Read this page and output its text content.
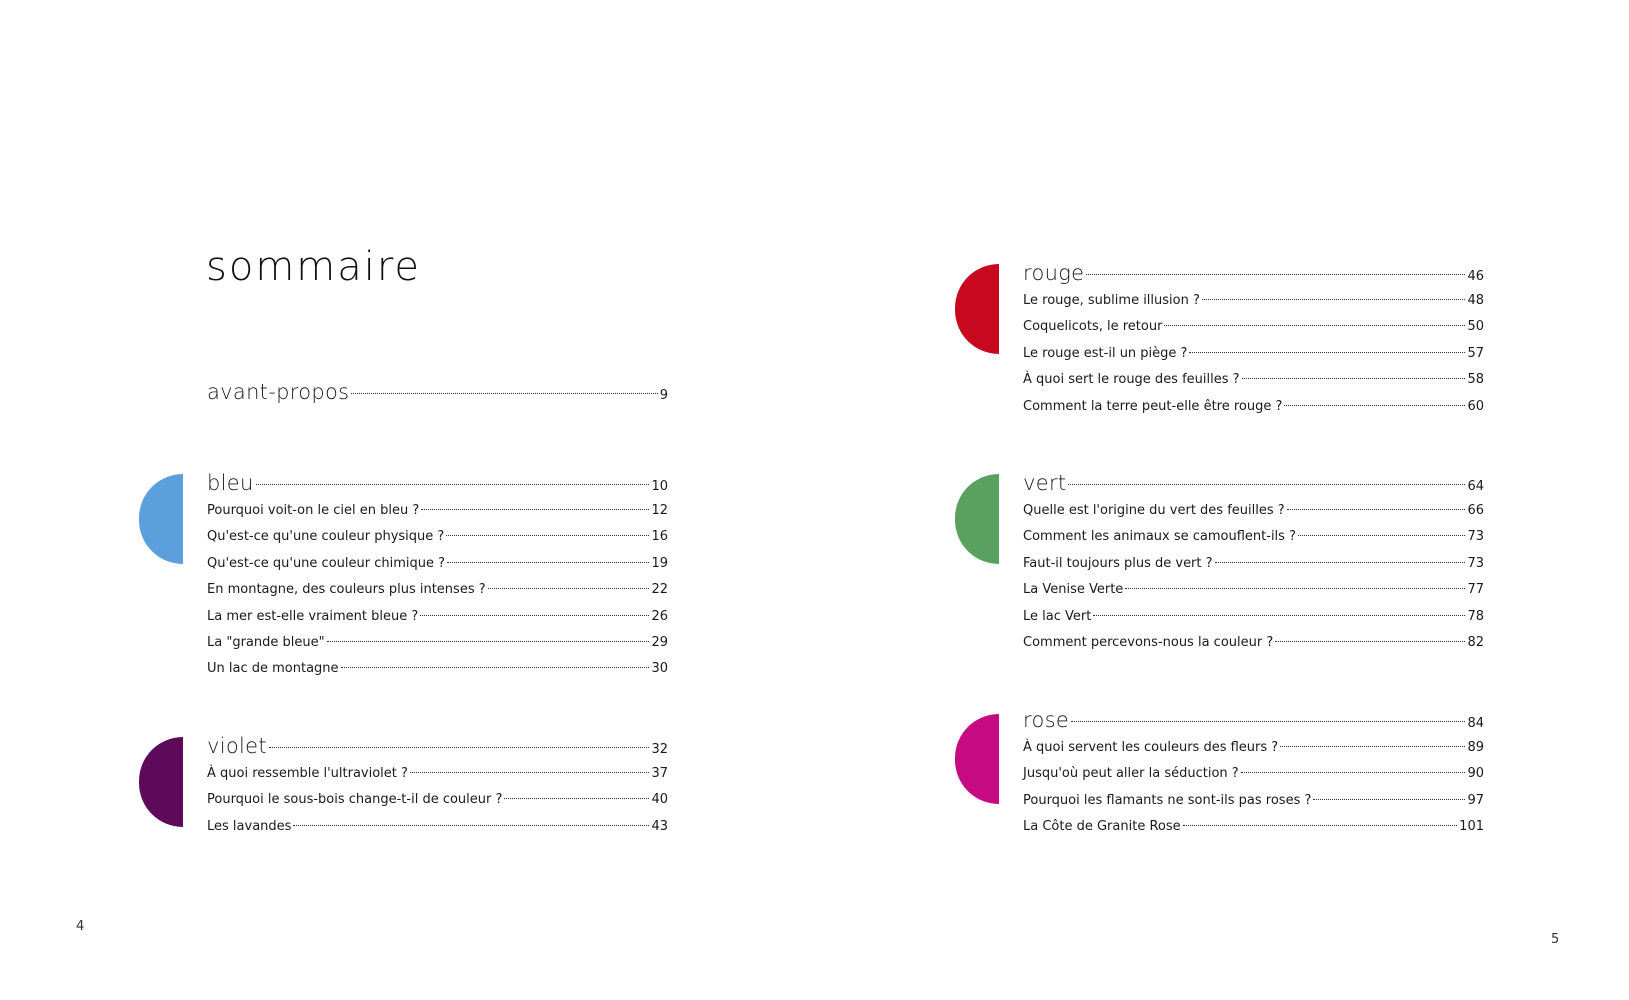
sommaire
avant-propos	9
bleu	10
Pourquoi voit-on le ciel en bleu ?	12
Qu'est-ce qu'une couleur physique ?	16
Qu'est-ce qu'une couleur chimique ?	19
En montagne, des couleurs plus intenses ?	22
La mer est-elle vraiment bleue ?	26
La "grande bleue"	29
Un lac de montagne	30
violet	32
À quoi ressemble l'ultraviolet ?	37
Pourquoi le sous-bois change-t-il de couleur ?	40
Les lavandes	43
rouge	46
Le rouge, sublime illusion ?	48
Coquelicots, le retour	50
Le rouge est-il un piège ?	57
À quoi sert le rouge des feuilles ?	58
Comment la terre peut-elle être rouge ?	60
vert	64
Quelle est l'origine du vert des feuilles ?	66
Comment les animaux se camouflent-ils ?	73
Faut-il toujours plus de vert ?	73
La Venise Verte	77
Le lac Vert	78
Comment percevons-nous la couleur ?	82
rose	84
À quoi servent les couleurs des fleurs ?	89
Jusqu'où peut aller la séduction ?	90
Pourquoi les flamants ne sont-ils pas roses ?	97
La Côte de Granite Rose	101
4
5
